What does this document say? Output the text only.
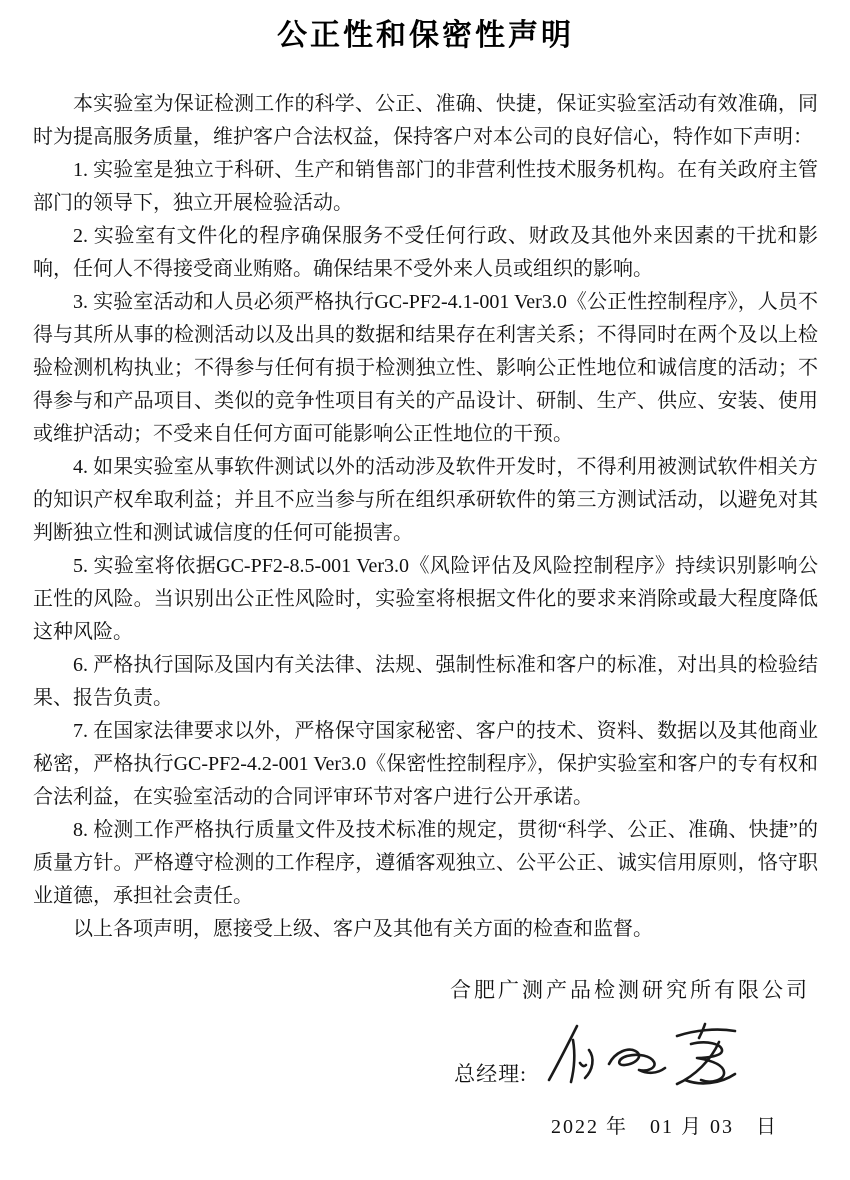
公正性和保密性声明

本实验室为保证检测工作的科学、公正、准确、快捷，保证实验室活动有效准确，同时为提高服务质量，维护客户合法权益，保持客户对本公司的良好信心，特作如下声明：

1. 实验室是独立于科研、生产和销售部门的非营利性技术服务机构。在有关政府主管部门的领导下，独立开展检验活动。

2. 实验室有文件化的程序确保服务不受任何行政、财政及其他外来因素的干扰和影响，任何人不得接受商业贿赂。确保结果不受外来人员或组织的影响。

3. 实验室活动和人员必须严格执行GC-PF2-4.1-001 Ver3.0《公正性控制程序》，人员不得与其所从事的检测活动以及出具的数据和结果存在利害关系；不得同时在两个及以上检验检测机构执业；不得参与任何有损于检测独立性、影响公正性地位和诚信度的活动；不得参与和产品项目、类似的竞争性项目有关的产品设计、研制、生产、供应、安装、使用或维护活动；不受来自任何方面可能影响公正性地位的干预。

4. 如果实验室从事软件测试以外的活动涉及软件开发时，不得利用被测试软件相关方的知识产权牟取利益；并且不应当参与所在组织承研软件的第三方测试活动，以避免对其判断独立性和测试诚信度的任何可能损害。

5. 实验室将依据GC-PF2-8.5-001 Ver3.0《风险评估及风险控制程序》持续识别影响公正性的风险。当识别出公正性风险时，实验室将根据文件化的要求来消除或最大程度降低这种风险。

6. 严格执行国际及国内有关法律、法规、强制性标准和客户的标准，对出具的检验结果、报告负责。

7. 在国家法律要求以外，严格保守国家秘密、客户的技术、资料、数据以及其他商业秘密，严格执行GC-PF2-4.2-001 Ver3.0《保密性控制程序》，保护实验室和客户的专有权和合法利益，在实验室活动的合同评审环节对客户进行公开承诺。

8. 检测工作严格执行质量文件及技术标准的规定，贯彻“科学、公正、准确、快捷”的质量方针。严格遵守检测的工作程序，遵循客观独立、公平公正、诚实信用原则，恪守职业道德，承担社会责任。

以上各项声明，愿接受上级、客户及其他有关方面的检查和监督。

合肥广测产品检测研究所有限公司
总经理:
2022 年　01 月 03　日
